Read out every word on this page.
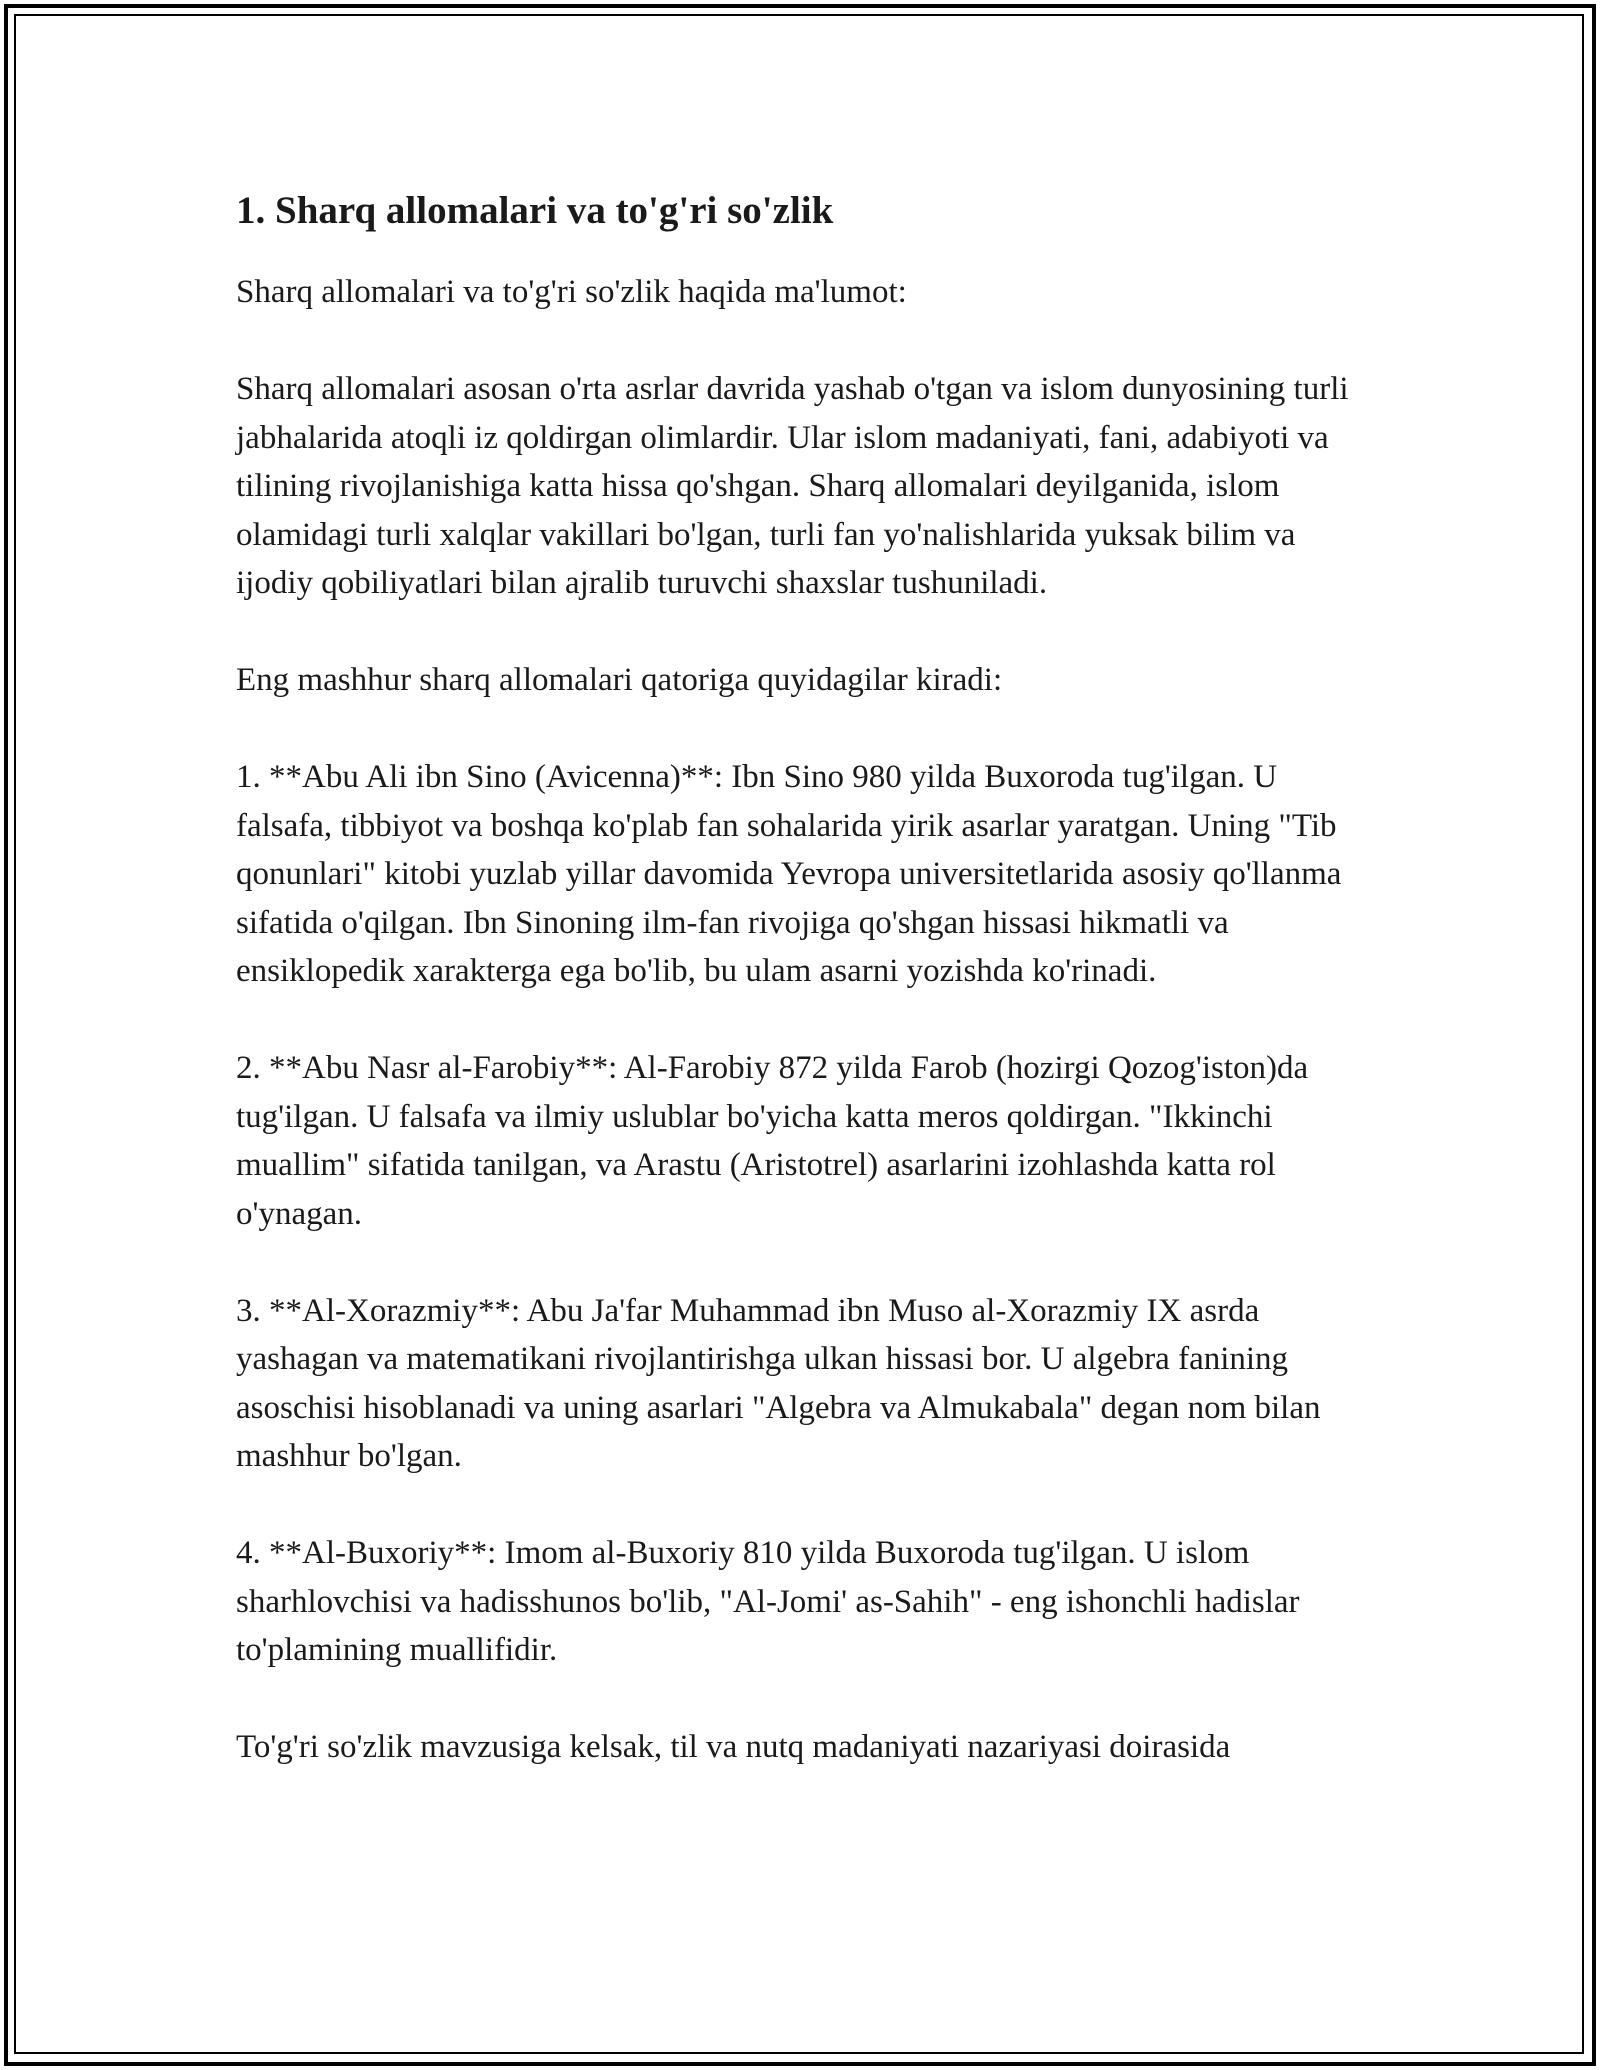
1. Sharq allomalari va to'g'ri so'zlik

Sharq allomalari va to'g'ri so'zlik haqida ma'lumot:

Sharq allomalari asosan o'rta asrlar davrida yashab o'tgan va islom dunyosining turli jabhalarida atoqli iz qoldirgan olimlardir. Ular islom madaniyati, fani, adabiyoti va tilining rivojlanishiga katta hissa qo'shgan. Sharq allomalari deyilganida, islom olamidagi turli xalqlar vakillari bo'lgan, turli fan yo'nalishlarida yuksak bilim va ijodiy qobiliyatlari bilan ajralib turuvchi shaxslar tushuniladi.

Eng mashhur sharq allomalari qatoriga quyidagilar kiradi:

1. **Abu Ali ibn Sino (Avicenna)**: Ibn Sino 980 yilda Buxoroda tug'ilgan. U falsafa, tibbiyot va boshqa ko'plab fan sohalarida yirik asarlar yaratgan. Uning "Tib qonunlari" kitobi yuzlab yillar davomida Yevropa universitetlarida asosiy qo'llanma sifatida o'qilgan. Ibn Sinoning ilm-fan rivojiga qo'shgan hissasi hikmatli va ensiklopedik xarakterga ega bo'lib, bu ulam asarni yozishda ko'rinadi.

2. **Abu Nasr al-Farobiy**: Al-Farobiy 872 yilda Farob (hozirgi Qozog'iston)da tug'ilgan. U falsafa va ilmiy uslublar bo'yicha katta meros qoldirgan. "Ikkinchi muallim" sifatida tanilgan, va Arastu (Aristotrel) asarlarini izohlashda katta rol o'ynagan.

3. **Al-Xorazmiy**: Abu Ja'far Muhammad ibn Muso al-Xorazmiy IX asrda yashagan va matematikani rivojlantirishga ulkan hissasi bor. U algebra fanining asoschisi hisoblanadi va uning asarlari "Algebra va Almukabala" degan nom bilan mashhur bo'lgan.

4. **Al-Buxoriy**: Imom al-Buxoriy 810 yilda Buxoroda tug'ilgan. U islom sharhlovchisi va hadisshunos bo'lib, "Al-Jomi' as-Sahih" - eng ishonchli hadislar to'plamining muallifidir.

To'g'ri so'zlik mavzusiga kelsak, til va nutq madaniyati nazariyasi doirasida
